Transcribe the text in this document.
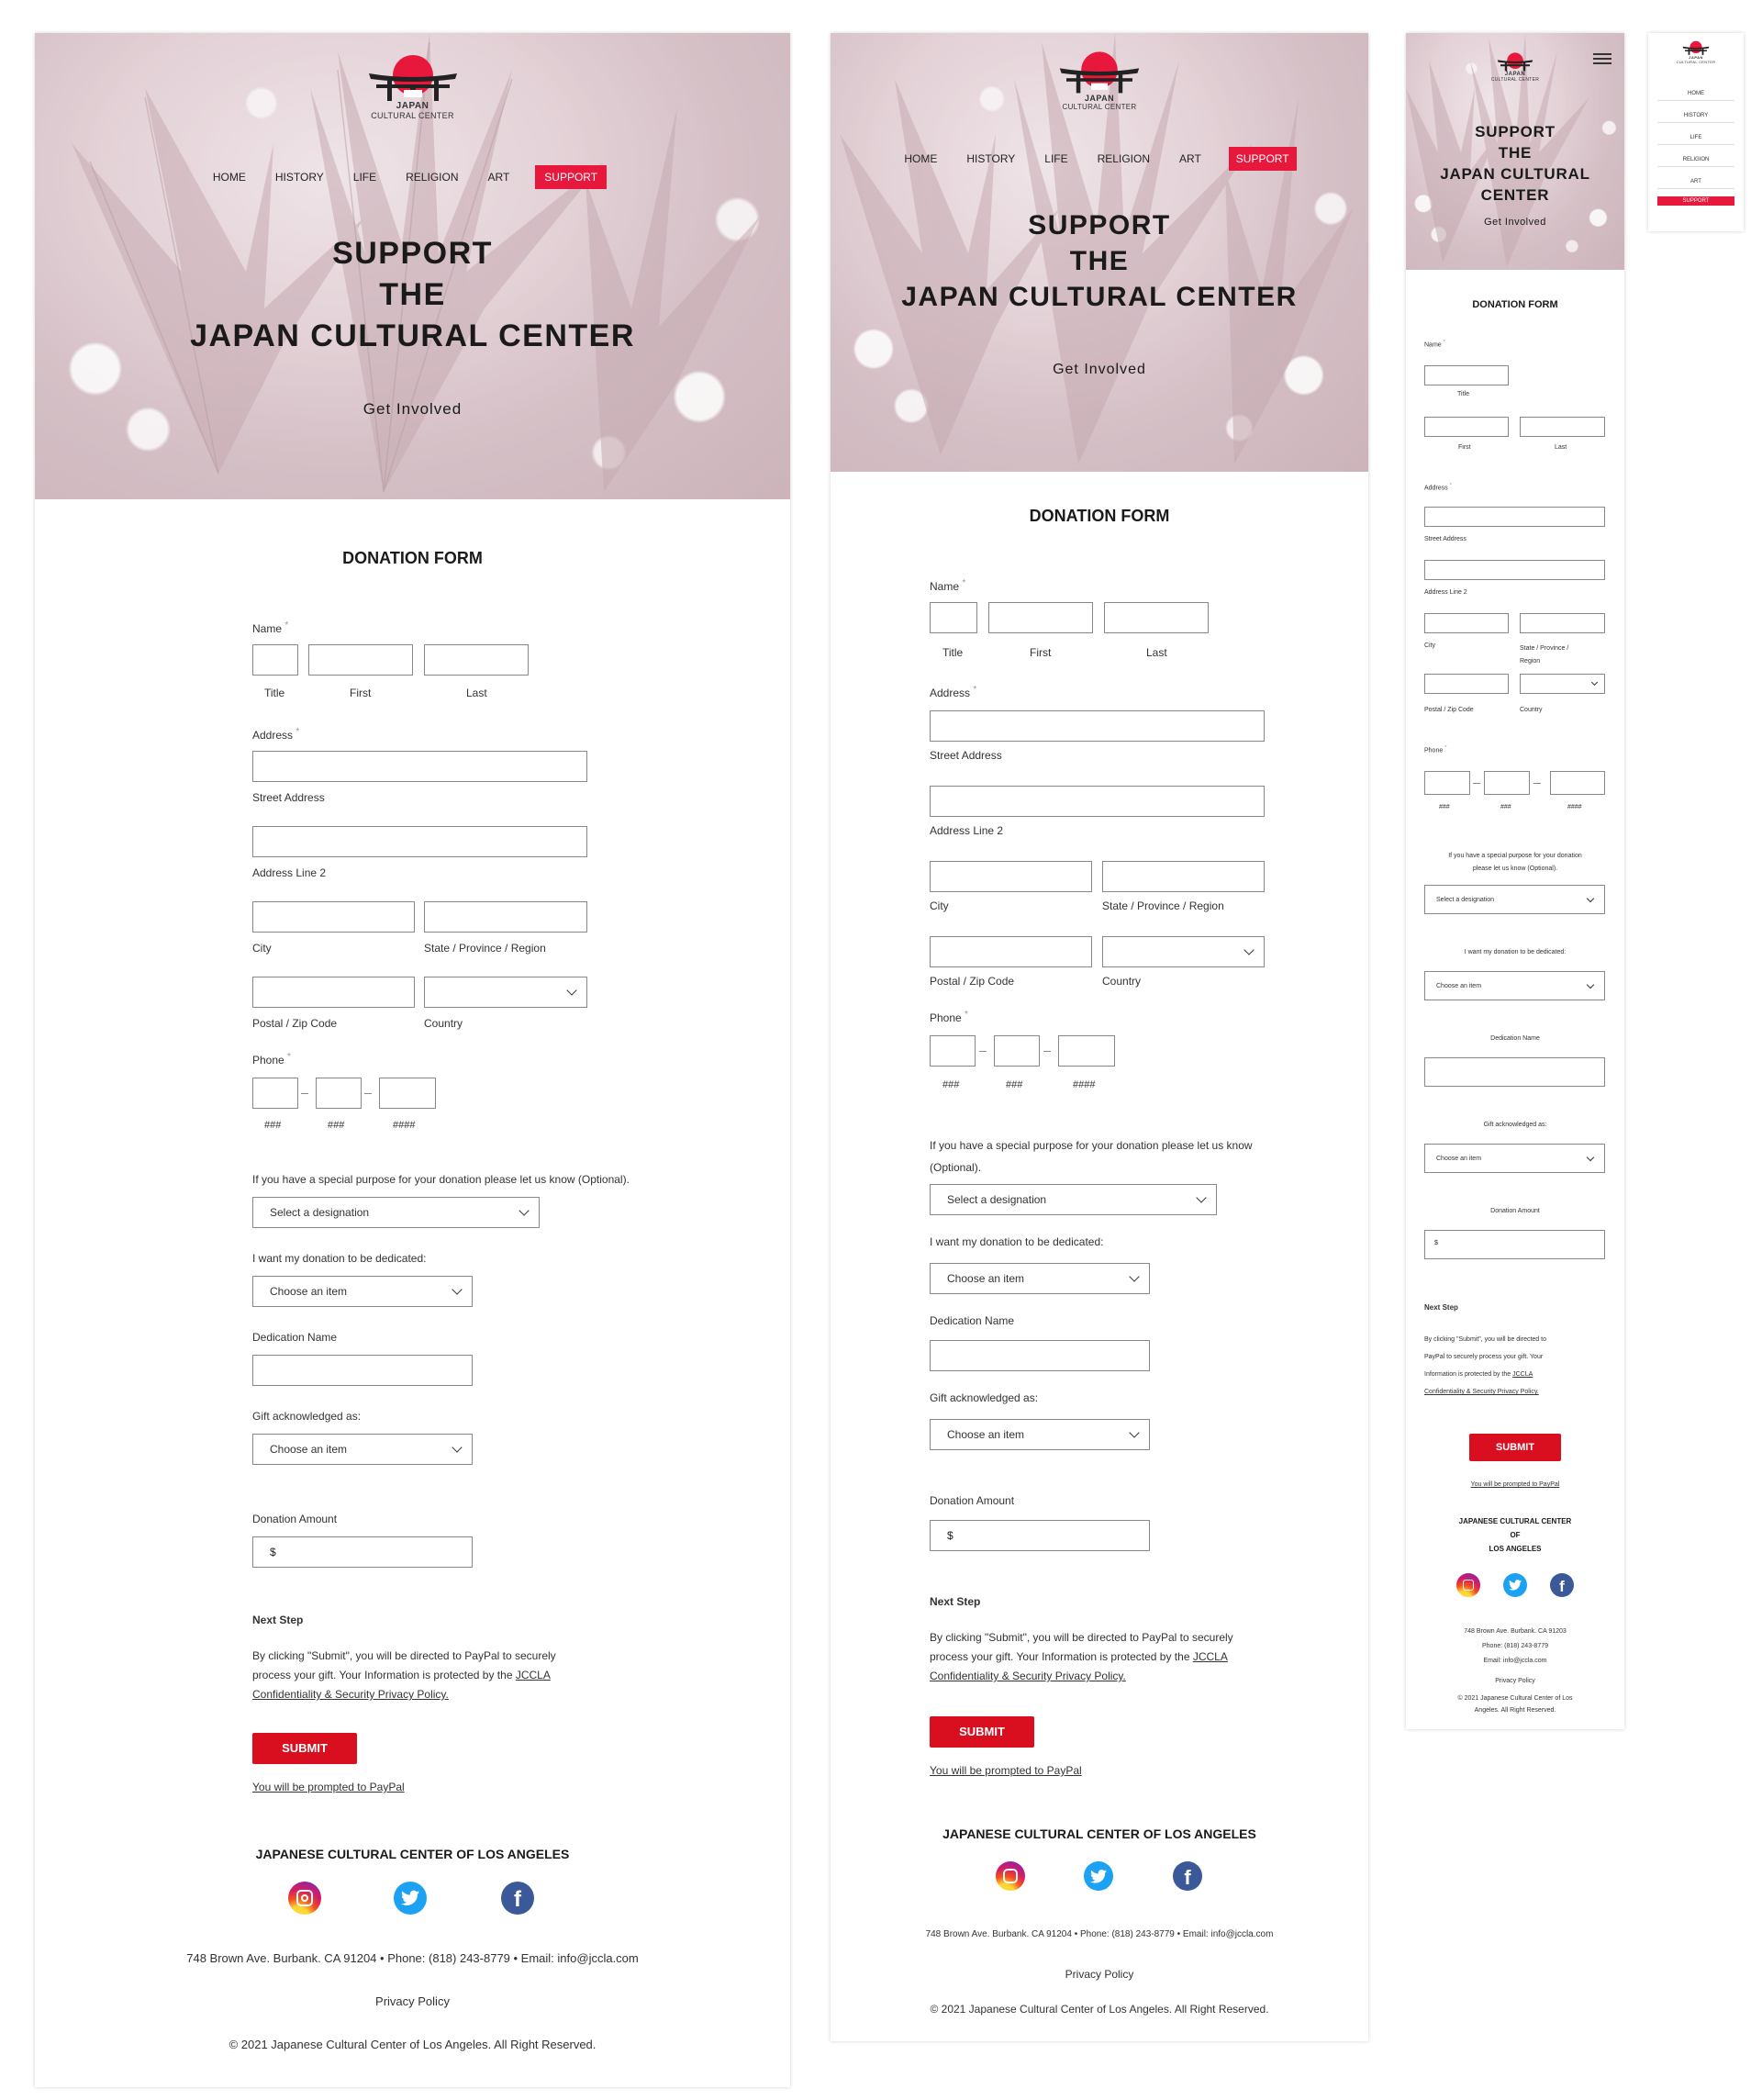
JAPAN
CULTURAL CENTER
HOME	HISTORY	LIFE	RELIGION	ART	SUPPORT
SUPPORT
THE
JAPAN CULTURAL CENTER
Get Involved
DONATION FORM
Name *
Title	First	Last
Address *
Street Address
Address Line 2
City	State / Province / Region
Postal / Zip Code	Country
Phone *
###	###	####
If you have a special purpose for your donation please let us know (Optional).
Select a designation
I want my donation to be dedicated:
Choose an item
Dedication Name
Gift acknowledged as:
Choose an item
Donation Amount
$
Next Step
By clicking "Submit", you will be directed to PayPal to securely
process your gift. Your Information is protected by the JCCLA
Confidentiality & Security Privacy Policy.
SUBMIT
You will be prompted to PayPal
JAPANESE CULTURAL CENTER OF LOS ANGELES
f
748 Brown Ave. Burbank. CA 91204 • Phone: (818) 243-8779 • Email: info@jccla.com
Privacy Policy
© 2021 Japanese Cultural Center of Los Angeles. All Right Reserved.
JAPAN
CULTURAL CENTER
HOME	HISTORY	LIFE	RELIGION	ART	SUPPORT
SUPPORT
THE
JAPAN CULTURAL CENTER
Get Involved
DONATION FORM
Name *
Title	First	Last
Address *
Street Address
Address Line 2
City	State / Province / Region
Postal / Zip Code	Country
Phone *
###	###	####
If you have a special purpose for your donation please let us know
(Optional).
Select a designation
I want my donation to be dedicated:
Choose an item
Dedication Name
Gift acknowledged as:
Choose an item
Donation Amount
$
Next Step
By clicking "Submit", you will be directed to PayPal to securely
process your gift. Your Information is protected by the JCCLA
Confidentiality & Security Privacy Policy.
SUBMIT
You will be prompted to PayPal
JAPANESE CULTURAL CENTER OF LOS ANGELES
f
748 Brown Ave. Burbank. CA 91204 • Phone: (818) 243-8779 • Email: info@jccla.com
Privacy Policy
© 2021 Japanese Cultural Center of Los Angeles. All Right Reserved.
JAPAN
CULTURAL CENTER
SUPPORT
THE
JAPAN CULTURAL
CENTER
Get Involved
DONATION FORM
Name *
Title
First	Last
Address *
Street Address
Address Line 2
City	State / Province /
Region
Postal / Zip Code	Country
Phone *
###	###	####
If you have a special purpose for your donation
please let us know (Optional).
Select a designation
I want my donation to be dedicated:
Choose an item
Dedication Name
Gift acknowledged as:
Choose an item
Donation Amount
$
Next Step
By clicking "Submit", you will be directed to
PayPal to securely process your gift. Your
Information is protected by the JCCLA
Confidentiality & Security Privacy Policy.
SUBMIT
You will be prompted to PayPal
JAPANESE CULTURAL CENTER
OF
LOS ANGELES
f
748 Brown Ave. Burbank. CA 91203
Phone: (818) 243-8779
Email: info@jccla.com
Privacy Policy
© 2021 Japanese Cultural Center of Los
Angeles. All Right Reserved.
JAPAN
CULTURAL CENTER
HOME
HISTORY
LIFE
RELIGION
ART
SUPPORT
